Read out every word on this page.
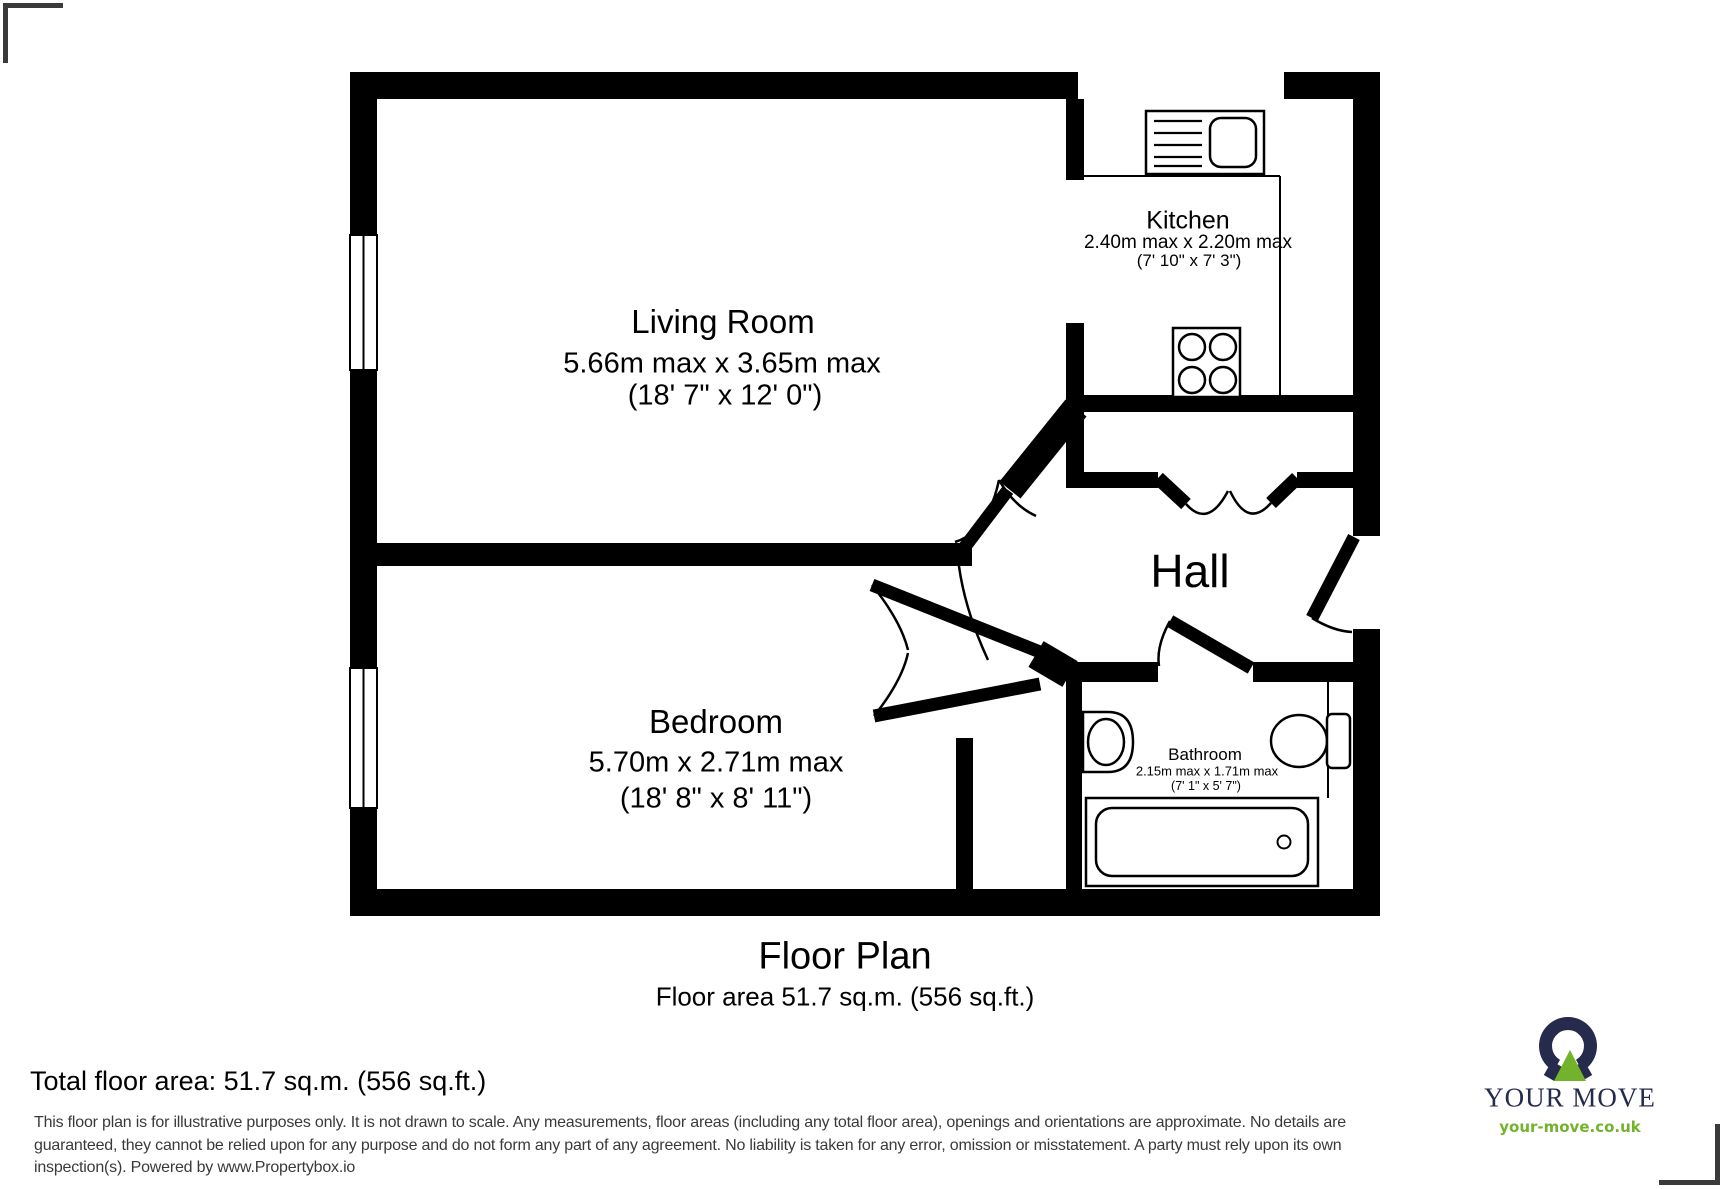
Living Room
5.66m max x 3.65m max
(18' 7" x 12' 0")
Kitchen
2.40m max x 2.20m max
(7' 10" x 7' 3")
Hall
Bedroom
5.70m x 2.71m max
(18' 8" x 8' 11")
Bathroom
2.15m max x 1.71m max
(7' 1" x 5' 7")
Floor Plan
Floor area 51.7 sq.m. (556 sq.ft.)
Total floor area: 51.7 sq.m. (556 sq.ft.)
This floor plan is for illustrative purposes only. It is not drawn to scale. Any measurements, floor areas (including any total floor area), openings and orientations are approximate. No details are
guaranteed, they cannot be relied upon for any purpose and do not form any part of any agreement. No liability is taken for any error, omission or misstatement. A party must rely upon its own
inspection(s). Powered by www.Propertybox.io
YOUR MOVE
your-move.co.uk
